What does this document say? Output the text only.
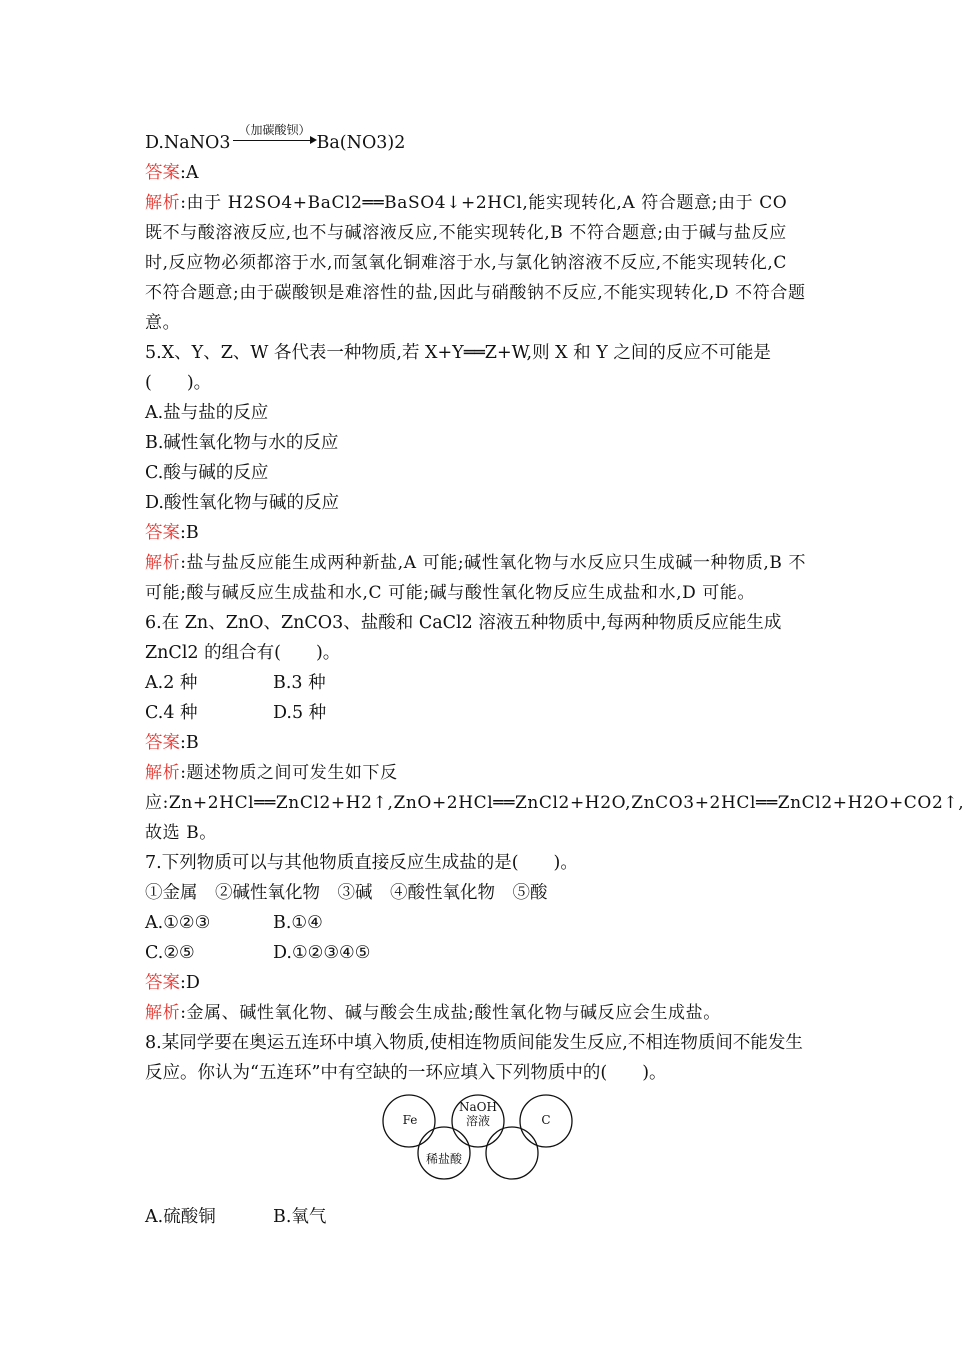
D.NaNO3
（加碳酸钡）
Ba(NO3)2
答案:A
解析:由于 H2SO4+BaCl2══BaSO4↓+2HCl,能实现转化,A 符合题意;由于 CO 既不与酸溶液反应,也不与碱溶液反应,不能实现转化,B 不符合题意;由于碱与盐反应时,反应物必须都溶于水,而氢氧化铜难溶于水,与氯化钠溶液不反应,不能实现转化,C 不符合题意;由于碳酸钡是难溶性的盐,因此与硝酸钠不反应,不能实现转化,D 不符合题意。
5.X、Y、Z、W 各代表一种物质,若 X+Y══Z+W,则 X 和 Y 之间的反应不可能是(　　)。
A.盐与盐的反应
B.碱性氧化物与水的反应
C.酸与碱的反应
D.酸性氧化物与碱的反应
答案:B
解析:盐与盐反应能生成两种新盐,A 可能;碱性氧化物与水反应只生成碱一种物质,B 不可能;酸与碱反应生成盐和水,C 可能;碱与酸性氧化物反应生成盐和水,D 可能。
6.在 Zn、ZnO、ZnCO3、盐酸和 CaCl2 溶液五种物质中,每两种物质反应能生成 ZnCl2 的组合有(　　)。
A.2 种	B.3 种
C.4 种	D.5 种
答案:B
解析:题述物质之间可发生如下反应:Zn+2HCl══ZnCl2+H2↑,ZnO+2HCl══ZnCl2+H2O,ZnCO3+2HCl══ZnCl2+H2O+CO2↑,故选 B。
7.下列物质可以与其他物质直接反应生成盐的是(　　)。
①金属　②碱性氧化物　③碱　④酸性氧化物　⑤酸
A.①②③	B.①④
C.②⑤	D.①②③④⑤
答案:D
解析:金属、碱性氧化物、碱与酸会生成盐;酸性氧化物与碱反应会生成盐。
8.某同学要在奥运五连环中填入物质,使相连物质间能发生反应,不相连物质间不能发生反应。你认为“五连环”中有空缺的一环应填入下列物质中的(　　)。
Fe
NaOH
溶液	C
稀盐酸
A.硫酸铜	B.氧气
